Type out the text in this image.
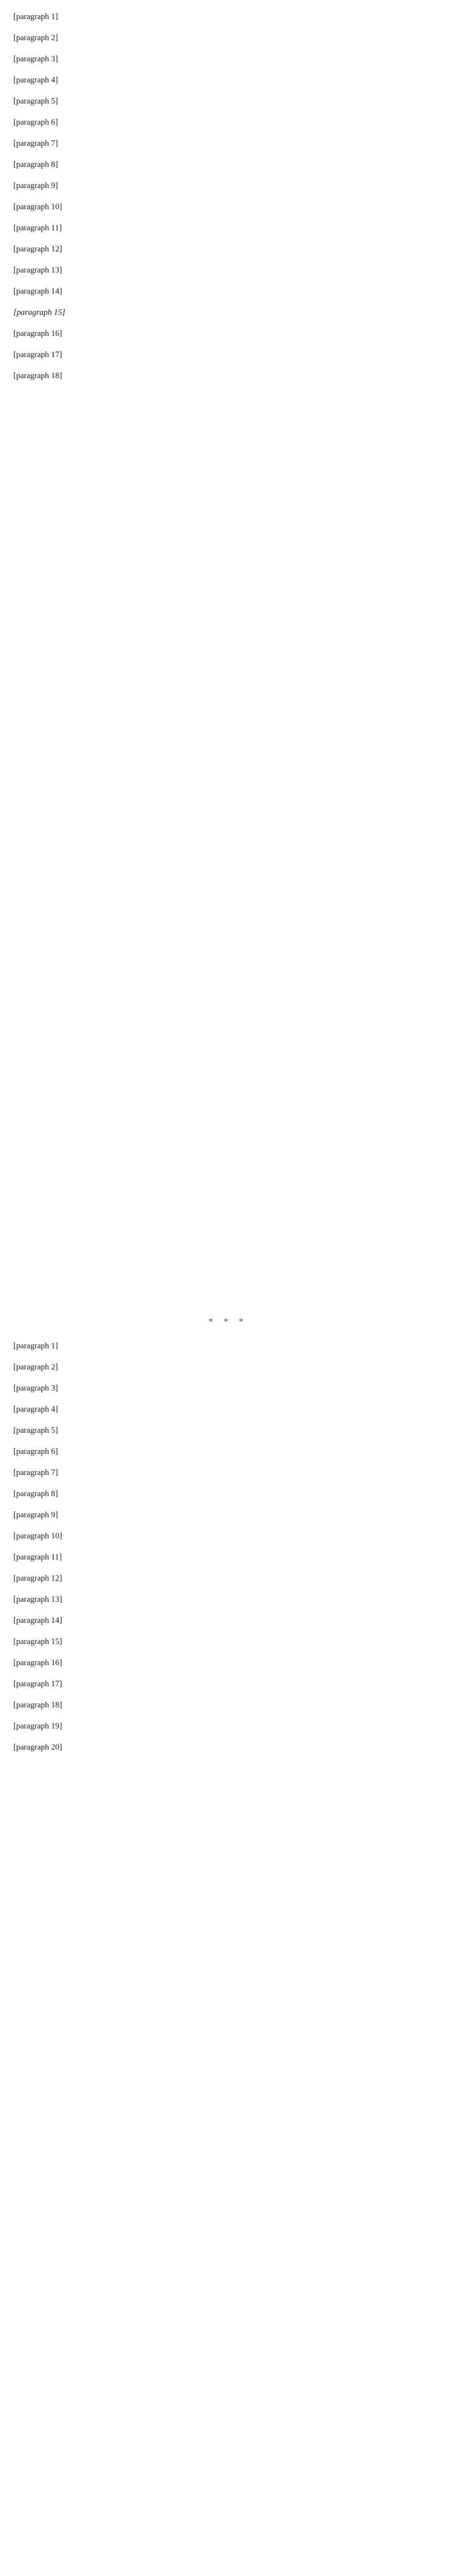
[paragraph 1]

[paragraph 2]

[paragraph 3]

[paragraph 4]

[paragraph 5]

[paragraph 6]

[paragraph 7]

[paragraph 8]

[paragraph 9]

[paragraph 10]

[paragraph 11]

[paragraph 12]

[paragraph 13]

[paragraph 14]

[paragraph 15]

[paragraph 16]

[paragraph 17]

[paragraph 18]

* * *

[paragraph 1]

[paragraph 2]

[paragraph 3]

[paragraph 4]

[paragraph 5]

[paragraph 6]

[paragraph 7]

[paragraph 8]

[paragraph 9]

[paragraph 10]

[paragraph 11]

[paragraph 12]

[paragraph 13]

[paragraph 14]

[paragraph 15]

[paragraph 16]

[paragraph 17]

[paragraph 18]

[paragraph 19]

[paragraph 20]
